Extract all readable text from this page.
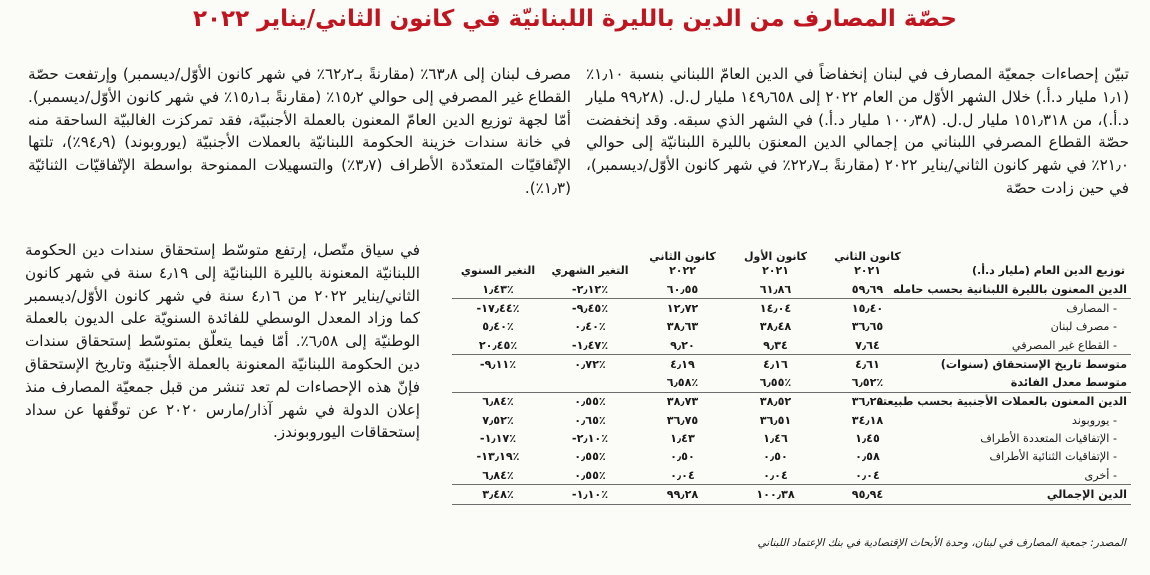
حصّة المصارف من الدين بالليرة اللبنانيّة في كانون الثاني/يناير ٢٠٢٢

تبيّن إحصاءات جمعيّة المصارف في لبنان إنخفاضاً في الدين العامّ اللبناني بنسبة ١٫١٠٪ (١٫١ مليار د.أ.) خلال الشهر الأوّل من العام ٢٠٢٢ إلى ١٤٩٫٦٥٨ مليار ل.ل. (٩٩٫٢٨ مليار د.أ.)، من ١٥١٫٣١٨ مليار ل.ل. (١٠٠٫٣٨ مليار د.أ.) في الشهر الذي سبقه. وقد إنخفضت حصّة القطاع المصرفي اللبناني من إجمالي الدين المعنوَن بالليرة اللبنانيّة إلى حوالي ٢١٫٠٪ في شهر كانون الثاني/يناير ٢٠٢٢ (مقارنةً بـ٢٢٫٧٪ في شهر كانون الأوّل/ديسمبر)، في حين زادت حصّة

مصرف لبنان إلى ٦٣٫٨٪ (مقارنةً بـ٦٢٫٢٪ في شهر كانون الأوّل/ديسمبر) وإرتفعت حصّة القطاع غير المصرفي إلى حوالي ١٥٫٢٪ (مقارنةً بـ١٥٫١٪ في شهر كانون الأوّل/ديسمبر). أمّا لجهة توزيع الدين العامّ المعنون بالعملة الأجنبيّة، فقد تمركزت الغالبيّة الساحقة منه في خانة سندات خزينة الحكومة اللبنانيّة بالعملات الأجنبيّة (يوروبوند) (٩٤٫٩٪)، تلتها الإتّفاقيّات المتعدّدة الأطراف (٣٫٧٪) والتسهيلات الممنوحة بواسطة الإتّفاقيّات الثنائيّة (١٫٣٪).

في سياق متّصل، إرتفع متوسّط إستحقاق سندات دين الحكومة اللبنانيّة المعنونة بالليرة اللبنانيّة إلى ٤٫١٩ سنة في شهر كانون الثاني/يناير ٢٠٢٢ من ٤٫١٦ سنة في شهر كانون الأوّل/ديسمبر كما وزاد المعدل الوسطي للفائدة السنويّة على الديون بالعملة الوطنيّة إلى ٦٫٥٨٪. أمّا فيما يتعلّق بمتوسّط إستحقاق سندات دين الحكومة اللبنانيّة المعنونة بالعملة الأجنبيّة وتاريخ الإستحقاق فإنّ هذه الإحصاءات لم تعد تنشر من قبل جمعيّة المصارف منذ إعلان الدولة في شهر آذار/مارس ٢٠٢٠ عن توقّفها عن سداد إستحقاقات اليوروبوندز.

توزيع الدين العام (مليار د.أ.)	كانون الثاني ٢٠٢١	كانون الأول ٢٠٢١	كانون الثاني ٢٠٢٢	التغير الشهري	التغير السنوي
الدين المعنون بالليرة اللبنانية بحسب حامله	٥٩٫٦٩	٦١٫٨٦	٦٠٫٥٥	-٢٫١٢٪	١٫٤٣٪
- المصارف	١٥٫٤٠	١٤٫٠٤	١٢٫٧٢	-٩٫٤٥٪	-١٧٫٤٤٪
- مصرف لبنان	٣٦٫٦٥	٣٨٫٤٨	٣٨٫٦٣	٠٫٤٠٪	٥٫٤٠٪
- القطاع غير المصرفي	٧٫٦٤	٩٫٣٤	٩٫٢٠	-١٫٤٧٪	٢٠٫٤٥٪
متوسط تاريخ الإستحقاق (سنوات)	٤٫٦١	٤٫١٦	٤٫١٩	٠٫٧٢٪	-٩٫١١٪
متوسط معدل الفائدة	٦٫٥٢٪	٦٫٥٥٪	٦٫٥٨٪		
الدين المعنون بالعملات الأجنبية بحسب طبيعته	٣٦٫٢٥	٣٨٫٥٢	٣٨٫٧٣	٠٫٥٥٪	٦٫٨٤٪
- يوروبوند	٣٤٫١٨	٣٦٫٥١	٣٦٫٧٥	٠٫٦٥٪	٧٫٥٢٪
- الإتفاقيات المتعددة الأطراف	١٫٤٥	١٫٤٦	١٫٤٣	-٢٫١٠٪	-١٫١٧٪
- الإتفاقيات الثنائية الأطراف	٠٫٥٨	٠٫٥٠	٠٫٥٠	٠٫٥٥٪	-١٣٫١٩٪
- أخرى	٠٫٠٤	٠٫٠٤	٠٫٠٤	٠٫٥٥٪	٦٫٨٤٪
الدين الإجمالي	٩٥٫٩٤	١٠٠٫٣٨	٩٩٫٢٨	-١٫١٠٪	٣٫٤٨٪
المصدر: جمعية المصارف في لبنان، وحدة الأبحاث الإقتصادية في بنك الإعتماد اللبناني
